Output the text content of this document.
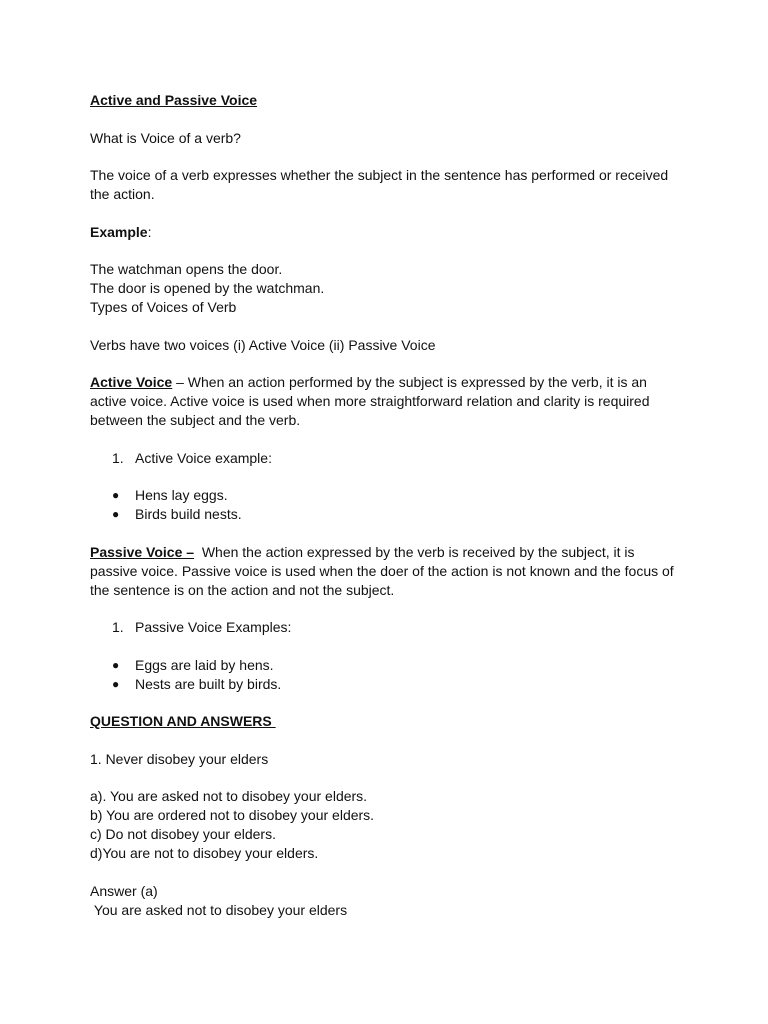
Active and Passive Voice
What is Voice of a verb?
The voice of a verb expresses whether the subject in the sentence has performed or received the action.
Example:
The watchman opens the door.
The door is opened by the watchman.
Types of Voices of Verb
Verbs have two voices (i) Active Voice (ii) Passive Voice
Active Voice – When an action performed by the subject is expressed by the verb, it is an active voice. Active voice is used when more straightforward relation and clarity is required between the subject and the verb.
1. Active Voice example:
●	Hens lay eggs.
●	Birds build nests.
Passive Voice –  When the action expressed by the verb is received by the subject, it is passive voice. Passive voice is used when the doer of the action is not known and the focus of the sentence is on the action and not the subject.
1. Passive Voice Examples:
●	Eggs are laid by hens.
●	Nests are built by birds.
QUESTION AND ANSWERS
1. Never disobey your elders
a). You are asked not to disobey your elders.
b) You are ordered not to disobey your elders.
c) Do not disobey your elders.
d)You are not to disobey your elders.
Answer (a)
You are asked not to disobey your elders
